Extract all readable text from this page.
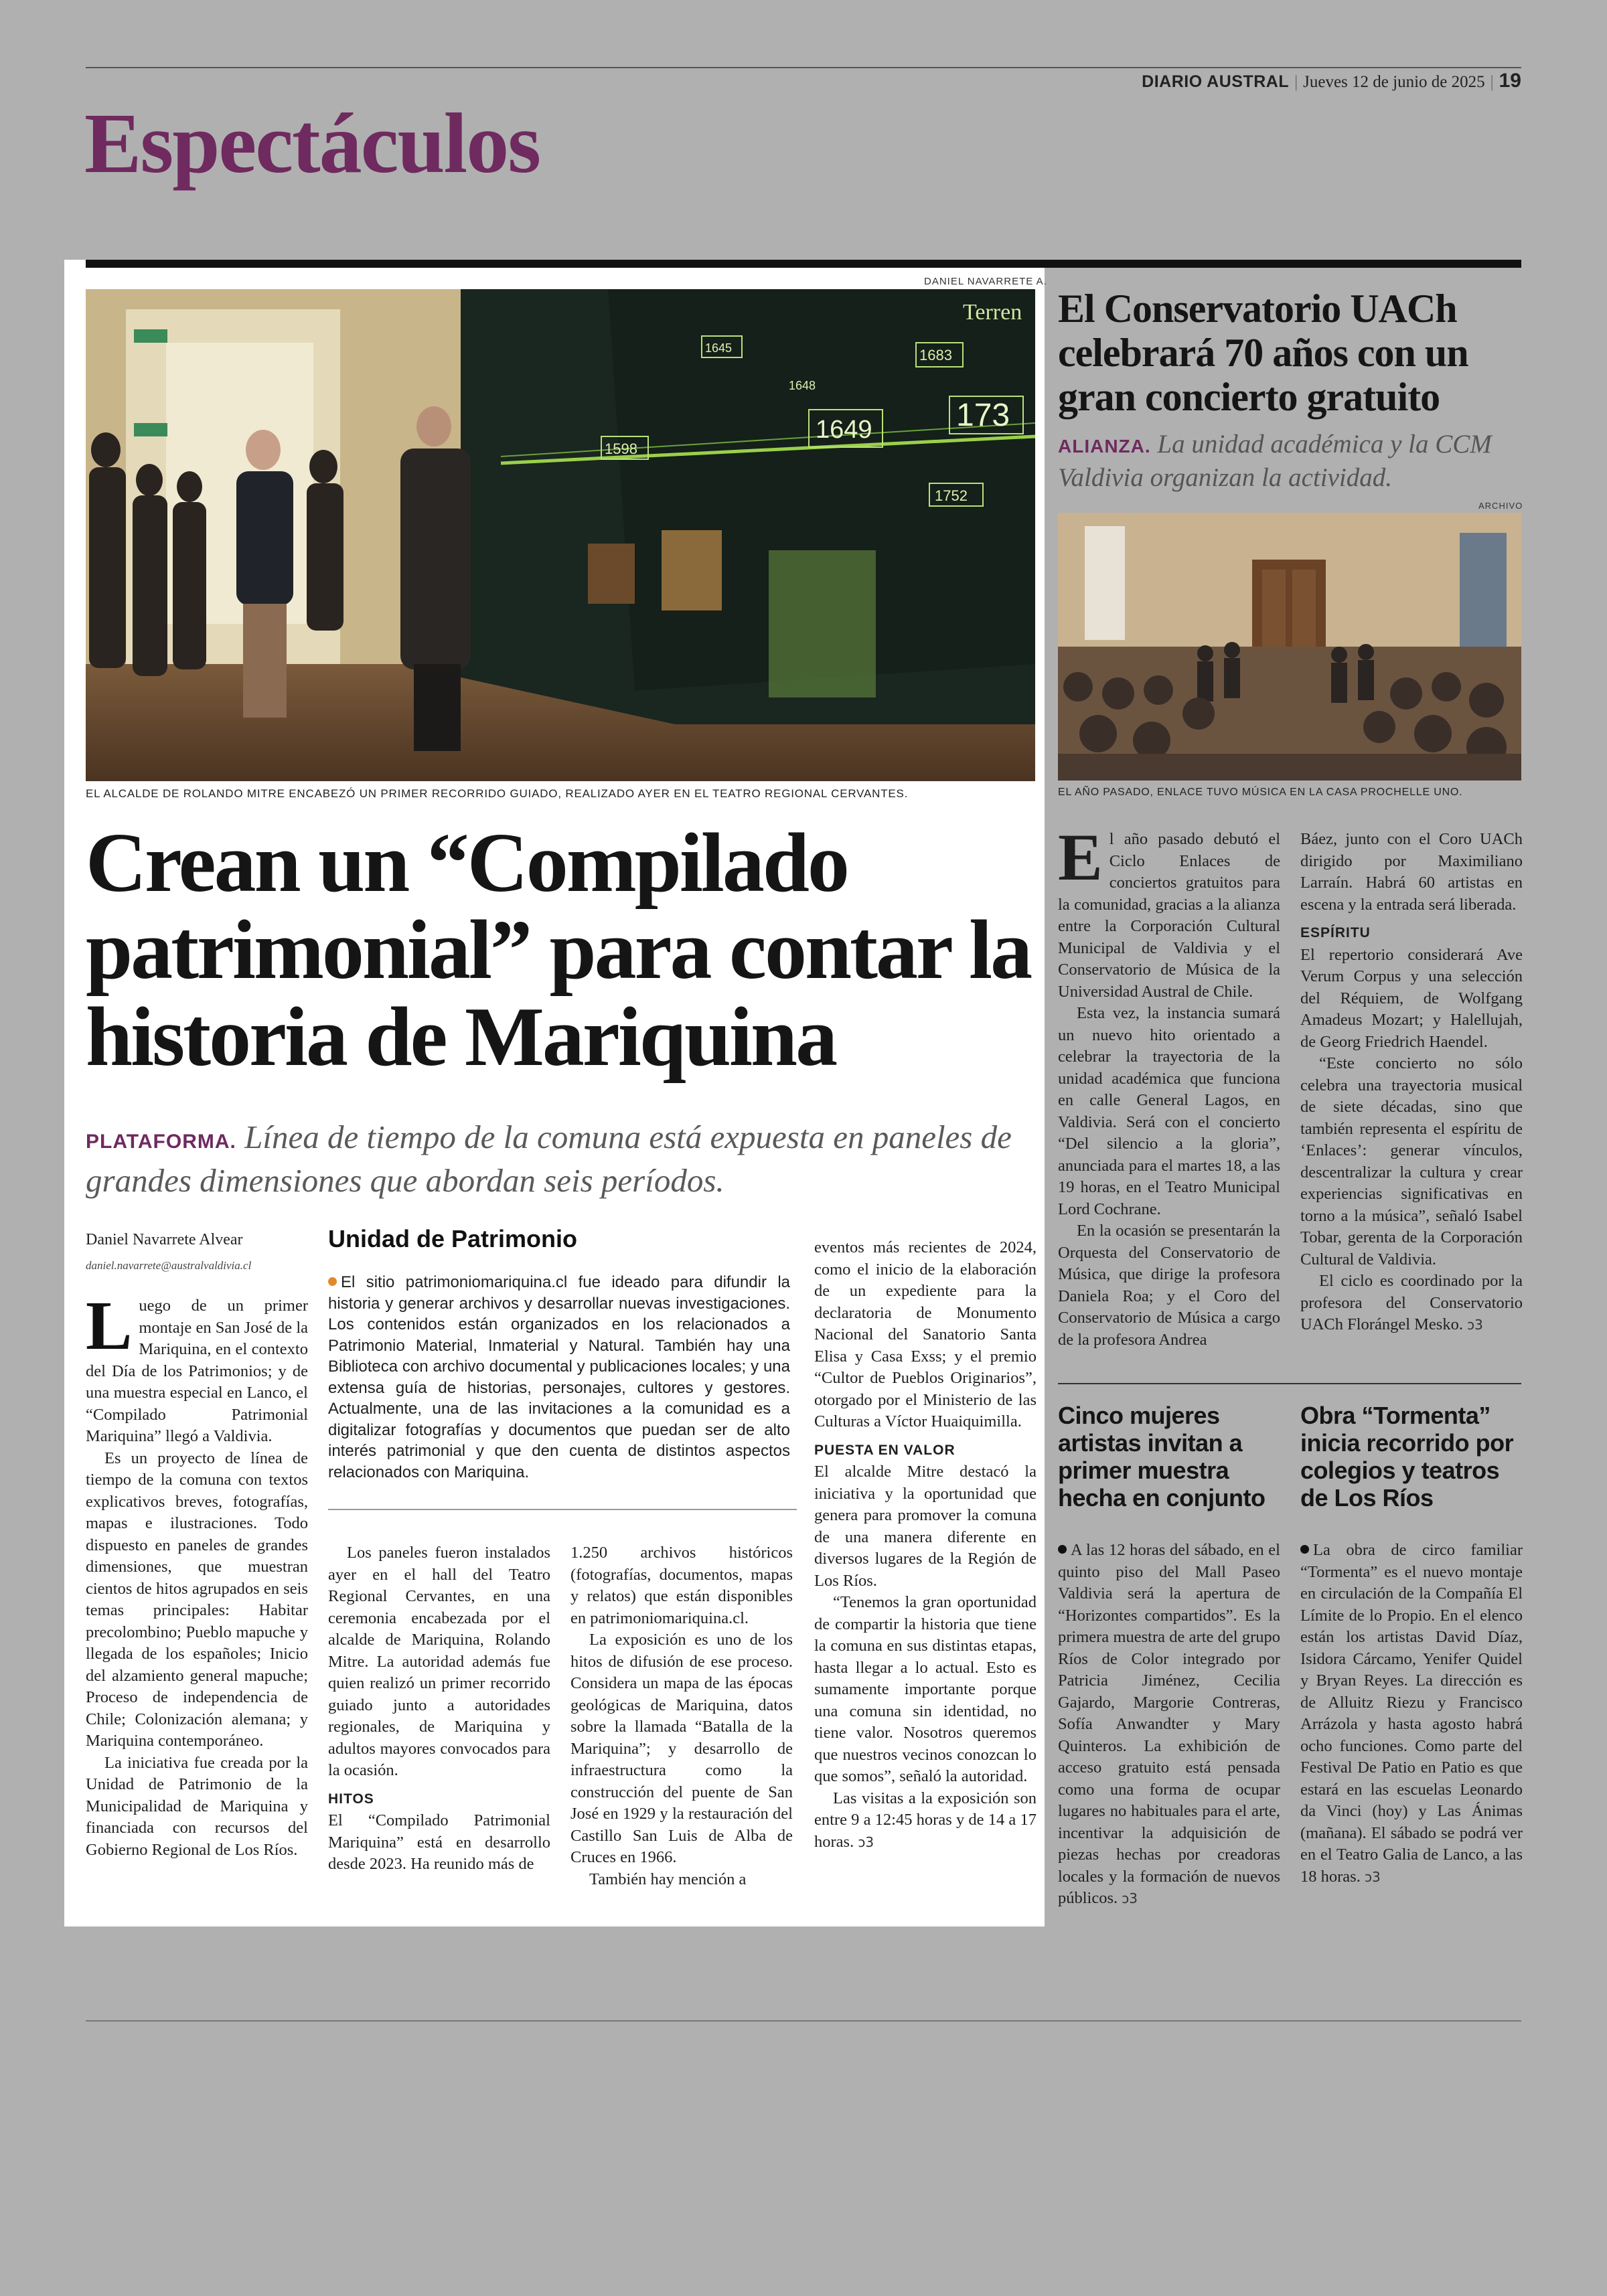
DIARIO AUSTRAL | Jueves 12 de junio de 2025 | 19
Espectáculos
DANIEL NAVARRETE A.
1598
1649	173
1683
1752
1645
1648
Terren
EL ALCALDE DE ROLANDO MITRE ENCABEZÓ UN PRIMER RECORRIDO GUIADO, REALIZADO AYER EN EL TEATRO REGIONAL CERVANTES.
Crean un “Compilado patrimonial” para contar la historia de Mariquina
PLATAFORMA. Línea de tiempo de la comuna está expuesta en paneles de grandes dimensiones que abordan seis períodos.
Daniel Navarrete Alvear
daniel.navarrete@australvaldivia.cl

Luego de un primer montaje en San José de la Mariquina, en el contexto del Día de los Patrimonios; y de una muestra especial en Lanco, el “Compilado Patrimonial Mariquina” llegó a Valdivia.

Es un proyecto de línea de tiempo de la comuna con textos explicativos breves, fotografías, mapas e ilustraciones. Todo dispuesto en paneles de grandes dimensiones, que muestran cientos de hitos agrupados en seis temas principales: Habitar precolombino; Pueblo mapuche y llegada de los españoles; Inicio del alzamiento general mapuche; Proceso de independencia de Chile; Colonización alemana; y Mariquina contemporáneo.

La iniciativa fue creada por la Unidad de Patrimonio de la Municipalidad de Mariquina y financiada con recursos del Gobierno Regional de Los Ríos.

Unidad de Patrimonio
El sitio patrimoniomariquina.cl fue ideado para difundir la historia y generar archivos y desarrollar nuevas investigaciones. Los contenidos están organizados en los relacionados a Patrimonio Material, Inmaterial y Natural. También hay una Biblioteca con archivo documental y publicaciones locales; y una extensa guía de historias, personajes, cultores y gestores. Actualmente, una de las invitaciones a la comunidad es a digitalizar fotografías y documentos que puedan ser de alto interés patrimonial y que den cuenta de distintos aspectos relacionados con Mariquina.

Los paneles fueron instalados ayer en el hall del Teatro Regional Cervantes, en una ceremonia encabezada por el alcalde de Mariquina, Rolando Mitre. La autoridad además fue quien realizó un primer recorrido guiado junto a autoridades regionales, de Mariquina y adultos mayores convocados para la ocasión.

HITOS

El “Compilado Patrimonial Mariquina” está en desarrollo desde 2023. Ha reunido más de

1.250 archivos históricos (fotografías, documentos, mapas y relatos) que están disponibles en patrimoniomariquina.cl.

La exposición es uno de los hitos de difusión de ese proceso. Considera un mapa de las épocas geológicas de Mariquina, datos sobre la llamada “Batalla de la Mariquina”; y desarrollo de infraestructura como la construcción del puente de San José en 1929 y la restauración del Castillo San Luis de Alba de Cruces en 1966.

También hay mención a

eventos más recientes de 2024, como el inicio de la elaboración de un expediente para la declaratoria de Monumento Nacional del Sanatorio Santa Elisa y Casa Exss; y el premio “Cultor de Pueblos Originarios”, otorgado por el Ministerio de las Culturas a Víctor Huaiquimilla.

PUESTA EN VALOR

El alcalde Mitre destacó la iniciativa y la oportunidad que genera para promover la comuna de una manera diferente en diversos lugares de la Región de Los Ríos.

“Tenemos la gran oportunidad de compartir la historia que tiene la comuna en sus distintas etapas, hasta llegar a lo actual. Esto es sumamente importante porque una comuna sin identidad, no tiene valor. Nosotros queremos que nuestros vecinos conozcan lo que somos”, señaló la autoridad.

Las visitas a la exposición son entre 9 a 12:45 horas y de 14 a 17 horas. ↄ3

El Conservatorio UACh celebrará 70 años con un gran concierto gratuito
ALIANZA. La unidad académica y la CCM Valdivia organizan la actividad.
ARCHIVO
EL AÑO PASADO, ENLACE TUVO MÚSICA EN LA CASA PROCHELLE UNO.

El año pasado debutó el Ciclo Enlaces de conciertos gratuitos para la comunidad, gracias a la alianza entre la Corporación Cultural Municipal de Valdivia y el Conservatorio de Música de la Universidad Austral de Chile.

Esta vez, la instancia sumará un nuevo hito orientado a celebrar la trayectoria de la unidad académica que funciona en calle General Lagos, en Valdivia. Será con el concierto “Del silencio a la gloria”, anunciada para el martes 18, a las 19 horas, en el Teatro Municipal Lord Cochrane.

En la ocasión se presentarán la Orquesta del Conservatorio de Música, que dirige la profesora Daniela Roa; y el Coro del Conservatorio de Música a cargo de la profesora Andrea

Báez, junto con el Coro UACh dirigido por Maximiliano Larraín. Habrá 60 artistas en escena y la entrada será liberada.

ESPÍRITU

El repertorio considerará Ave Verum Corpus y una selección del Réquiem, de Wolfgang Amadeus Mozart; y Halellujah, de Georg Friedrich Haendel.

“Este concierto no sólo celebra una trayectoria musical de siete décadas, sino que también representa el espíritu de ‘Enlaces’: generar vínculos, descentralizar la cultura y crear experiencias significativas en torno a la música”, señaló Isabel Tobar, gerenta de la Corporación Cultural de Valdivia.

El ciclo es coordinado por la profesora del Conservatorio UACh Florángel Mesko. ↄ3

Cinco mujeres artistas invitan a primer muestra hecha en conjunto

A las 12 horas del sábado, en el quinto piso del Mall Paseo Valdivia será la apertura de “Horizontes compartidos”. Es la primera muestra de arte del grupo Ríos de Color integrado por Patricia Jiménez, Cecilia Gajardo, Margorie Contreras, Sofía Anwandter y Mary Quinteros. La exhibición de acceso gratuito está pensada como una forma de ocupar lugares no habituales para el arte, incentivar la adquisición de piezas hechas por creadoras locales y la formación de nuevos públicos. ↄ3

Obra “Tormenta” inicia recorrido por colegios y teatros de Los Ríos

La obra de circo familiar “Tormenta” es el nuevo montaje en circulación de la Compañía El Límite de lo Propio. En el elenco están los artistas David Díaz, Isidora Cárcamo, Yenifer Quidel y Bryan Reyes. La dirección es de Alluitz Riezu y Francisco Arrázola y hasta agosto habrá ocho funciones. Como parte del Festival De Patio en Patio es que estará en las escuelas Leonardo da Vinci (hoy) y Las Ánimas (mañana). El sábado se podrá ver en el Teatro Galia de Lanco, a las 18 horas. ↄ3
